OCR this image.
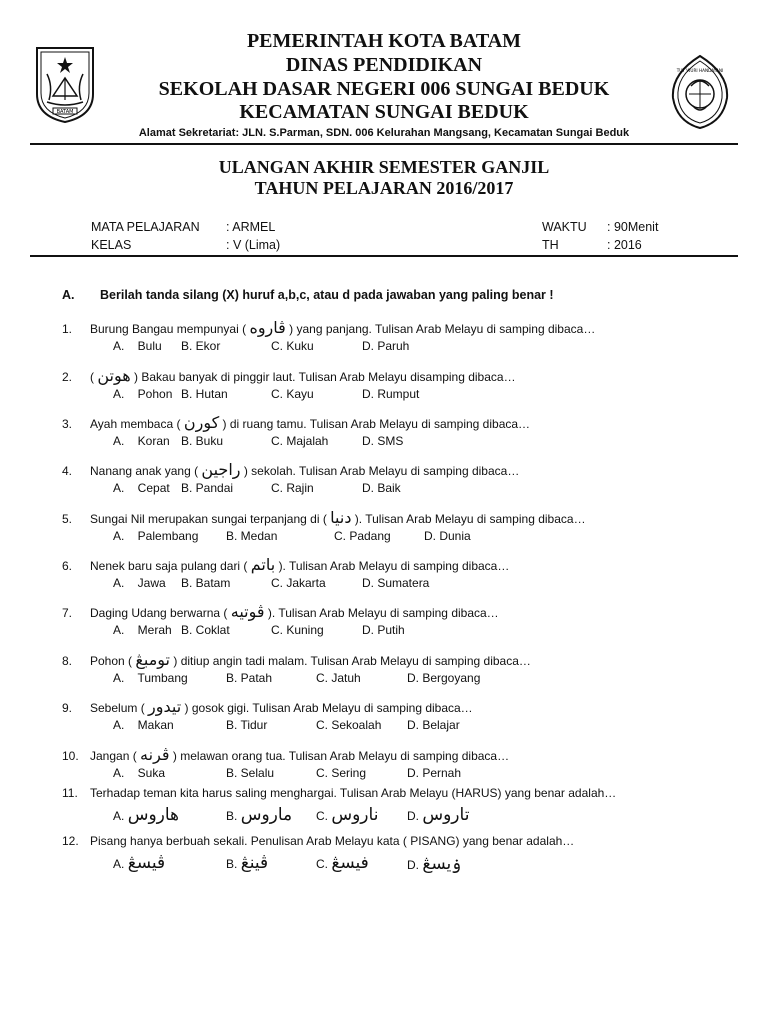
BATAM
TUT WURI HANDAYANI
PEMERINTAH KOTA BATAM
DINAS PENDIDIKAN
SEKOLAH DASAR NEGERI 006 SUNGAI BEDUK
KECAMATAN SUNGAI BEDUK
Alamat Sekretariat: JLN. S.Parman, SDN. 006 Kelurahan Mangsang, Kecamatan Sungai Beduk
ULANGAN AKHIR SEMESTER GANJIL
TAHUN PELAJARAN 2016/2017
MATA PELAJARAN : ARMEL
KELAS	: V (Lima)
WAKTU : 90Menit
TH	: 2016
A. Berilah tanda silang (X) huruf a,b,c, atau d pada jawaban yang paling benar !
1. Burung Bangau mempunyai ( ڤاروه ) yang panjang. Tulisan Arab Melayu di samping dibaca…
A.    Bulu B. Ekor	C. Kuku	D. Paruh
2. ( هوتن ) Bakau banyak di pinggir laut. Tulisan Arab Melayu disamping dibaca…
A.    Pohon B. Hutan	C. Kayu	D. Rumput
3. Ayah membaca ( كورن ) di ruang tamu. Tulisan Arab Melayu di samping dibaca…
A.    Koran B. Buku	C. Majalah	D. SMS
4. Nanang anak yang ( راجين ) sekolah. Tulisan Arab Melayu di samping dibaca…
A.    Cepat B. Pandai	C. Rajin	D. Baik
5. Sungai Nil merupakan sungai terpanjang di ( دنيا ). Tulisan Arab Melayu di samping dibaca…
A.    Palembang B. Medan	C. Padang	D. Dunia
6. Nenek baru saja pulang dari ( باتم ). Tulisan Arab Melayu di samping dibaca…
A.    Jawa B. Batam	C. Jakarta	D. Sumatera
7. Daging Udang berwarna ( ڤوتيه ). Tulisan Arab Melayu di samping dibaca…
A.    Merah B. Coklat	C. Kuning	D. Putih
8. Pohon ( تومبڠ ) ditiup angin tadi malam. Tulisan Arab Melayu di samping dibaca…
A.    Tumbang	B. Patah	C. Jatuh	D. Bergoyang
9. Sebelum ( تيدور ) gosok gigi. Tulisan Arab Melayu di samping dibaca…
A.    Makan	B. Tidur	C. Sekoalah D. Belajar
10. Jangan ( ڤرنه ) melawan orang tua. Tulisan Arab Melayu di samping dibaca…
A.    Suka	B. Selalu	C. Sering	D. Pernah
11. Terhadap teman kita harus saling menghargai. Tulisan Arab Melayu (HARUS) yang benar adalah…
A. هاروس	B. ماروس C. ناروس D. تاروس
12. Pisang hanya berbuah sekali. Penulisan Arab Melayu kata ( PISANG) yang benar adalah…
A. ڤيسڠ	B. ڤينڠ	C. فيسڠ	D. ۏيسڠ
